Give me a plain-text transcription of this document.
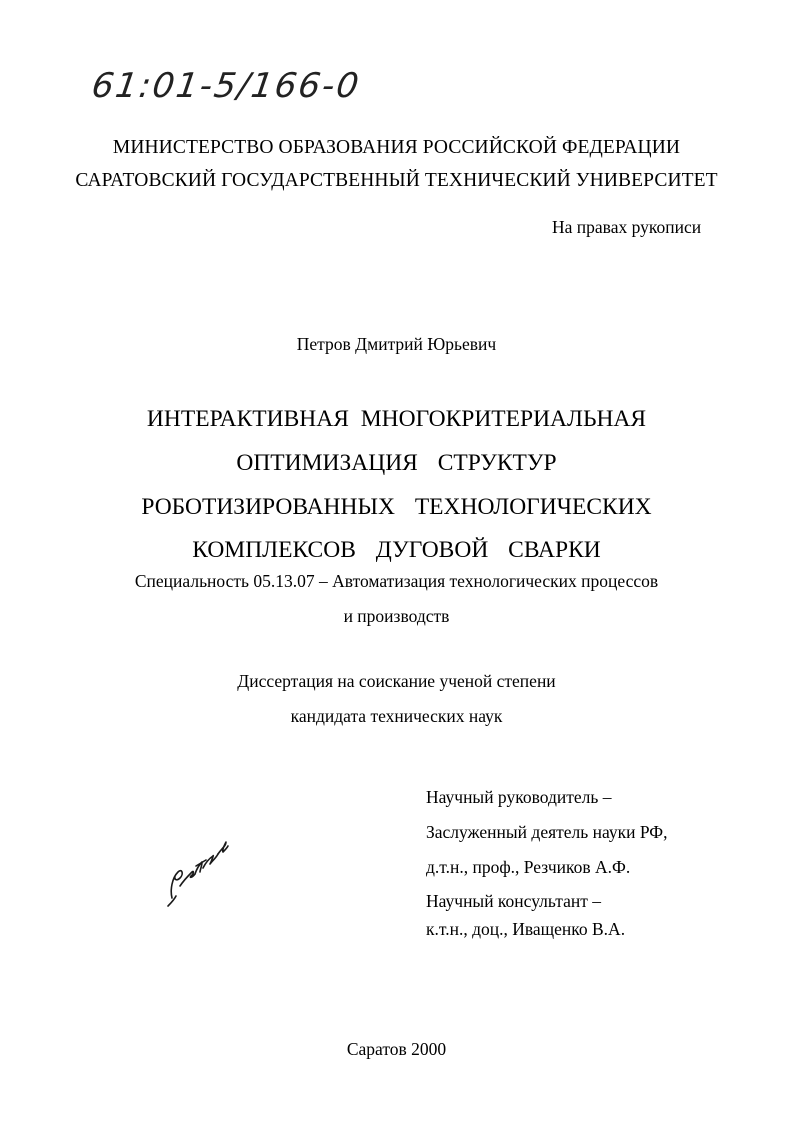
61:01-5/166-0

МИНИСТЕРСТВО ОБРАЗОВАНИЯ РОССИЙСКОЙ ФЕДЕРАЦИИ

САРАТОВСКИЙ ГОСУДАРСТВЕННЫЙ ТЕХНИЧЕСКИЙ УНИВЕРСИТЕТ

На правах рукописи

Петров Дмитрий Юрьевич

ИНТЕРАКТИВНАЯ МНОГОКРИТЕРИАЛЬНАЯ

ОПТИМИЗАЦИЯ СТРУКТУР

РОБОТИЗИРОВАННЫХ ТЕХНОЛОГИЧЕСКИХ

КОМПЛЕКСОВ ДУГОВОЙ СВАРКИ

Специальность 05.13.07 – Автоматизация технологических процессов

и производств

Диссертация на соискание ученой степени

кандидата технических наук

Научный руководитель –

Заслуженный деятель науки РФ,

д.т.н., проф., Резчиков А.Ф.

Научный консультант –

к.т.н., доц., Иващенко В.А.

Саратов 2000
